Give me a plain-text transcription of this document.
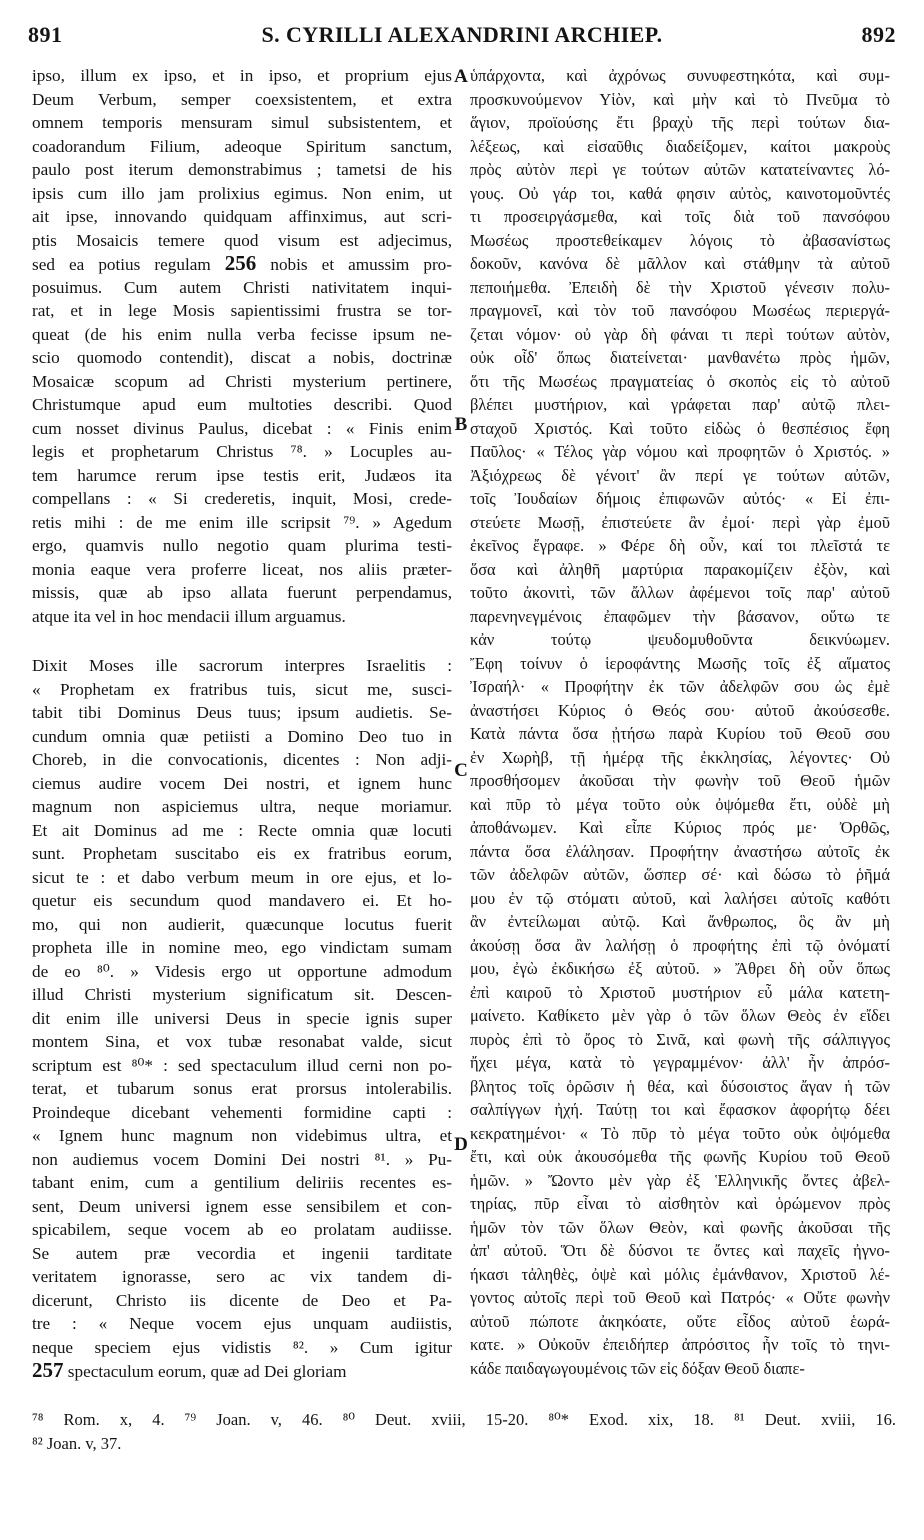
891	S. CYRILLI ALEXANDRINI ARCHIEP.	892
ipso, illum ex ipso, et in ipso, et proprium ejus
Deum Verbum, semper coexsistentem, et extra
omnem temporis mensuram simul subsistentem, et
coadorandum Filium, adeoque Spiritum sanctum,
paulo post iterum demonstrabimus ; tametsi de his
ipsis cum illo jam prolixius egimus. Non enim, ut
ait ipse, innovando quidquam affinximus, aut scri-
ptis Mosaicis temere quod visum est adjecimus,
sed ea potius regulam 256 nobis et amussim pro-
posuimus. Cum autem Christi nativitatem inqui-
rat, et in lege Mosis sapientissimi frustra se tor-
queat (de his enim nulla verba fecisse ipsum ne-
scio quomodo contendit), discat a nobis, doctrinæ
Mosaicæ scopum ad Christi mysterium pertinere,
Christumque apud eum multoties describi. Quod
cum nosset divinus Paulus, dicebat : « Finis enim
legis et prophetarum Christus ⁷⁸. » Locuples au-
tem harumce rerum ipse testis erit, Judæos ita
compellans : « Si crederetis, inquit, Mosi, crede-
retis mihi : de me enim ille scripsit ⁷⁹. » Agedum
ergo, quamvis nullo negotio quam plurima testi-
monia eaque vera proferre liceat, nos aliis præter-
missis, quæ ab ipso allata fuerunt perpendamus,
atque ita vel in hoc mendacii illum arguamus.
Dixit Moses ille sacrorum interpres Israelitis :
« Prophetam ex fratribus tuis, sicut me, susci-
tabit tibi Dominus Deus tuus; ipsum audietis. Se-
cundum omnia quæ petiisti a Domino Deo tuo in
Choreb, in die convocationis, dicentes : Non adji-
ciemus audire vocem Dei nostri, et ignem hunc
magnum non aspiciemus ultra, neque moriamur.
Et ait Dominus ad me : Recte omnia quæ locuti
sunt. Prophetam suscitabo eis ex fratribus eorum,
sicut te : et dabo verbum meum in ore ejus, et lo-
quetur eis secundum quod mandavero ei. Et ho-
mo, qui non audierit, quæcunque locutus fuerit
propheta ille in nomine meo, ego vindictam sumam
de eo ⁸⁰. » Videsis ergo ut opportune admodum
illud Christi mysterium significatum sit. Descen-
dit enim ille universi Deus in specie ignis super
montem Sina, et vox tubæ resonabat valde, sicut
scriptum est ⁸⁰* : sed spectaculum illud cerni non po-
terat, et tubarum sonus erat prorsus intolerabilis.
Proindeque dicebant vehementi formidine capti :
« Ignem hunc magnum non videbimus ultra, et
non audiemus vocem Domini Dei nostri ⁸¹. » Pu-
tabant enim, cum a gentilium deliriis recentes es-
sent, Deum universi ignem esse sensibilem et con-
spicabilem, seque vocem ab eo prolatam audiisse.
Se autem præ vecordia et ingenii tarditate
veritatem ignorasse, sero ac vix tandem di-
dicerunt, Christo iis dicente de Deo et Pa-
tre : « Neque vocem ejus unquam audiistis,
neque speciem ejus vidistis ⁸². » Cum igitur
257 spectaculum eorum, quæ ad Dei gloriam
ὑπάρχοντα, καὶ ἀχρόνως συνυφεστηκότα, καὶ συμ-
προσκυνούμενον Υἱὸν, καὶ μὴν καὶ τὸ Πνεῦμα τὸ
ἅγιον, προϊούσης ἔτι βραχὺ τῆς περὶ τούτων δια-
λέξεως, καὶ εἰσαῦθις διαδείξομεν, καίτοι μακροὺς
πρὸς αὐτὸν περὶ γε τούτων αὐτῶν κατατείναντες λό-
γους. Οὐ γάρ τοι, καθά φησιν αὐτὸς, καινοτομοῦντές
τι προσειργάσμεθα, καὶ τοῖς διὰ τοῦ πανσόφου
Μωσέως προστεθείκαμεν λόγοις τὸ ἀβασανίστως
δοκοῦν, κανόνα δὲ μᾶλλον καὶ στάθμην τὰ αὐτοῦ
πεποιήμεθα. Ἐπειδὴ δὲ τὴν Χριστοῦ γένεσιν πολυ-
πραγμονεῖ, καὶ τὸν τοῦ πανσόφου Μωσέως περιεργά-
ζεται νόμον· οὐ γὰρ δὴ φάναι τι περὶ τούτων αὐτὸν,
οὐκ οἶδ' ὅπως διατείνεται· μανθανέτω πρὸς ἡμῶν,
ὅτι τῆς Μωσέως πραγματείας ὁ σκοπὸς εἰς τὸ αὐτοῦ
βλέπει μυστήριον, καὶ γράφεται παρ' αὐτῷ πλει-
σταχοῦ Χριστός. Καὶ τοῦτο εἰδὼς ὁ θεσπέσιος ἔφη
Παῦλος· « Τέλος γὰρ νόμου καὶ προφητῶν ὁ Χριστός. »
Ἀξιόχρεως δὲ γένοιτ' ἂν περί γε τούτων αὐτῶν,
τοῖς Ἰουδαίων δήμοις ἐπιφωνῶν αὐτός· « Εἰ ἐπι-
στεύετε Μωσῇ, ἐπιστεύετε ἂν ἐμοί· περὶ γὰρ ἐμοῦ
ἐκεῖνος ἔγραφε. » Φέρε δὴ οὖν, καί τοι πλεῖστά τε
ὅσα καὶ ἀληθῆ μαρτύρια παρακομίζειν ἐξὸν, καὶ
τοῦτο ἀκονιτὶ, τῶν ἄλλων ἀφέμενοι τοῖς παρ' αὐτοῦ
παρενηνεγμένοις ἐπαφῶμεν τὴν βάσανον, οὕτω τε
κἀν τούτῳ ψευδομυθοῦντα δεικνύωμεν.
Ἔφη τοίνυν ὁ ἱεροφάντης Μωσῆς τοῖς ἐξ αἵματος
Ἰσραήλ· « Προφήτην ἐκ τῶν ἀδελφῶν σου ὡς ἐμὲ
ἀναστήσει Κύριος ὁ Θεός σου· αὐτοῦ ἀκούσεσθε.
Κατὰ πάντα ὅσα ᾐτήσω παρὰ Κυρίου τοῦ Θεοῦ σου
ἐν Χωρὴβ, τῇ ἡμέρᾳ τῆς ἐκκλησίας, λέγοντες· Οὐ
προσθήσομεν ἀκοῦσαι τὴν φωνὴν τοῦ Θεοῦ ἡμῶν
καὶ πῦρ τὸ μέγα τοῦτο οὐκ ὀψόμεθα ἔτι, οὐδὲ μὴ
ἀποθάνωμεν. Καὶ εἶπε Κύριος πρός με· Ὀρθῶς,
πάντα ὅσα ἐλάλησαν. Προφήτην ἀναστήσω αὐτοῖς ἐκ
τῶν ἀδελφῶν αὐτῶν, ὥσπερ σέ· καὶ δώσω τὸ ῥῆμά
μου ἐν τῷ στόματι αὐτοῦ, καὶ λαλήσει αὐτοῖς καθότι
ἂν ἐντείλωμαι αὐτῷ. Καὶ ἄνθρωπος, ὃς ἂν μὴ
ἀκούσῃ ὅσα ἂν λαλήσῃ ὁ προφήτης ἐπὶ τῷ ὀνόματί
μου, ἐγὼ ἐκδικήσω ἐξ αὐτοῦ. » Ἄθρει δὴ οὖν ὅπως
ἐπὶ καιροῦ τὸ Χριστοῦ μυστήριον εὖ μάλα κατετη-
μαίνετο. Καθίκετο μὲν γὰρ ὁ τῶν ὅλων Θεὸς ἐν εἴδει
πυρὸς ἐπὶ τὸ ὄρος τὸ Σινᾶ, καὶ φωνὴ τῆς σάλπιγγος
ἤχει μέγα, κατὰ τὸ γεγραμμένον· ἀλλ' ἦν ἀπρόσ-
βλητος τοῖς ὁρῶσιν ἡ θέα, καὶ δύσοιστος ἄγαν ἡ τῶν
σαλπίγγων ἠχή. Ταύτῃ τοι καὶ ἔφασκον ἀφορήτῳ δέει
κεκρατημένοι· « Τὸ πῦρ τὸ μέγα τοῦτο οὐκ ὀψόμεθα
ἔτι, καὶ οὐκ ἀκουσόμεθα τῆς φωνῆς Κυρίου τοῦ Θεοῦ
ἡμῶν. » Ὤοντο μὲν γὰρ ἐξ Ἑλληνικῆς ὄντες ἀβελ-
τηρίας, πῦρ εἶναι τὸ αἰσθητὸν καὶ ὁρώμενον πρὸς
ἡμῶν τὸν τῶν ὅλων Θεὸν, καὶ φωνῆς ἀκοῦσαι τῆς
ἀπ' αὐτοῦ. Ὅτι δὲ δύσνοι τε ὄντες καὶ παχεῖς ἠγνο-
ήκασι τἀληθὲς, ὀψὲ καὶ μόλις ἐμάνθανον, Χριστοῦ λέ-
γοντος αὐτοῖς περὶ τοῦ Θεοῦ καὶ Πατρός· « Οὔτε φωνὴν
αὐτοῦ πώποτε ἀκηκόατε, οὔτε εἶδος αὐτοῦ ἑωρά-
κατε. » Οὐκοῦν ἐπειδήπερ ἀπρόσιτος ἦν τοῖς τὸ τηνι-
κάδε παιδαγωγουμένοις τῶν εἰς δόξαν Θεοῦ διαπε-
A
B
C
D
⁷⁸ Rom. x, 4. ⁷⁹ Joan. v, 46. ⁸⁰ Deut. xviii, 15-20. ⁸⁰* Exod. xix, 18. ⁸¹ Deut. xviii, 16.
⁸² Joan. v, 37.
